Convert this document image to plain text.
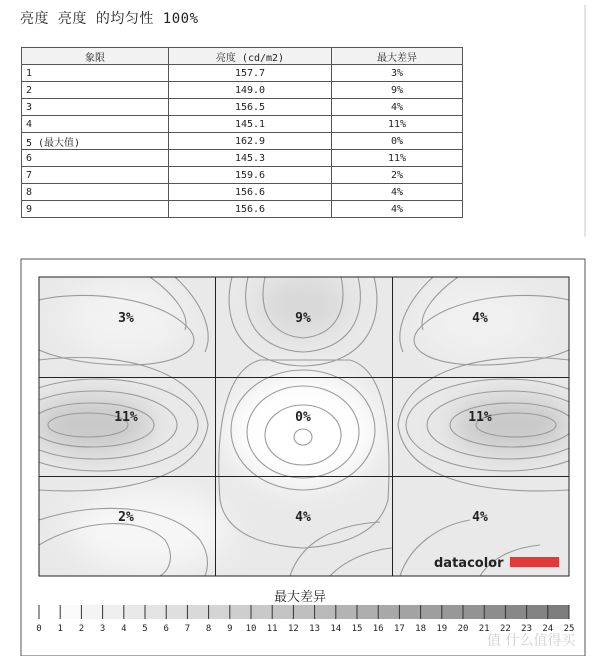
亮度 亮度 的均匀性 100%
象限	亮度 (cd/m2)	最大差异
1	157.7	3%
2	149.0	9%
3	156.5	4%
4	145.1	11%
5 (最大值)	162.9	0%
6	145.3	11%
7	159.6	2%
8	156.6	4%
9	156.6	4%
3%	9%	4%
11%	0%	11%
2%	4%	4%
datacolor
0 1 2 3 4 5 6 7 8 9 10 11 12 13 14 15 16 17 18 19 20 21 22 23 24 25
最大差异
值 什么值得买
